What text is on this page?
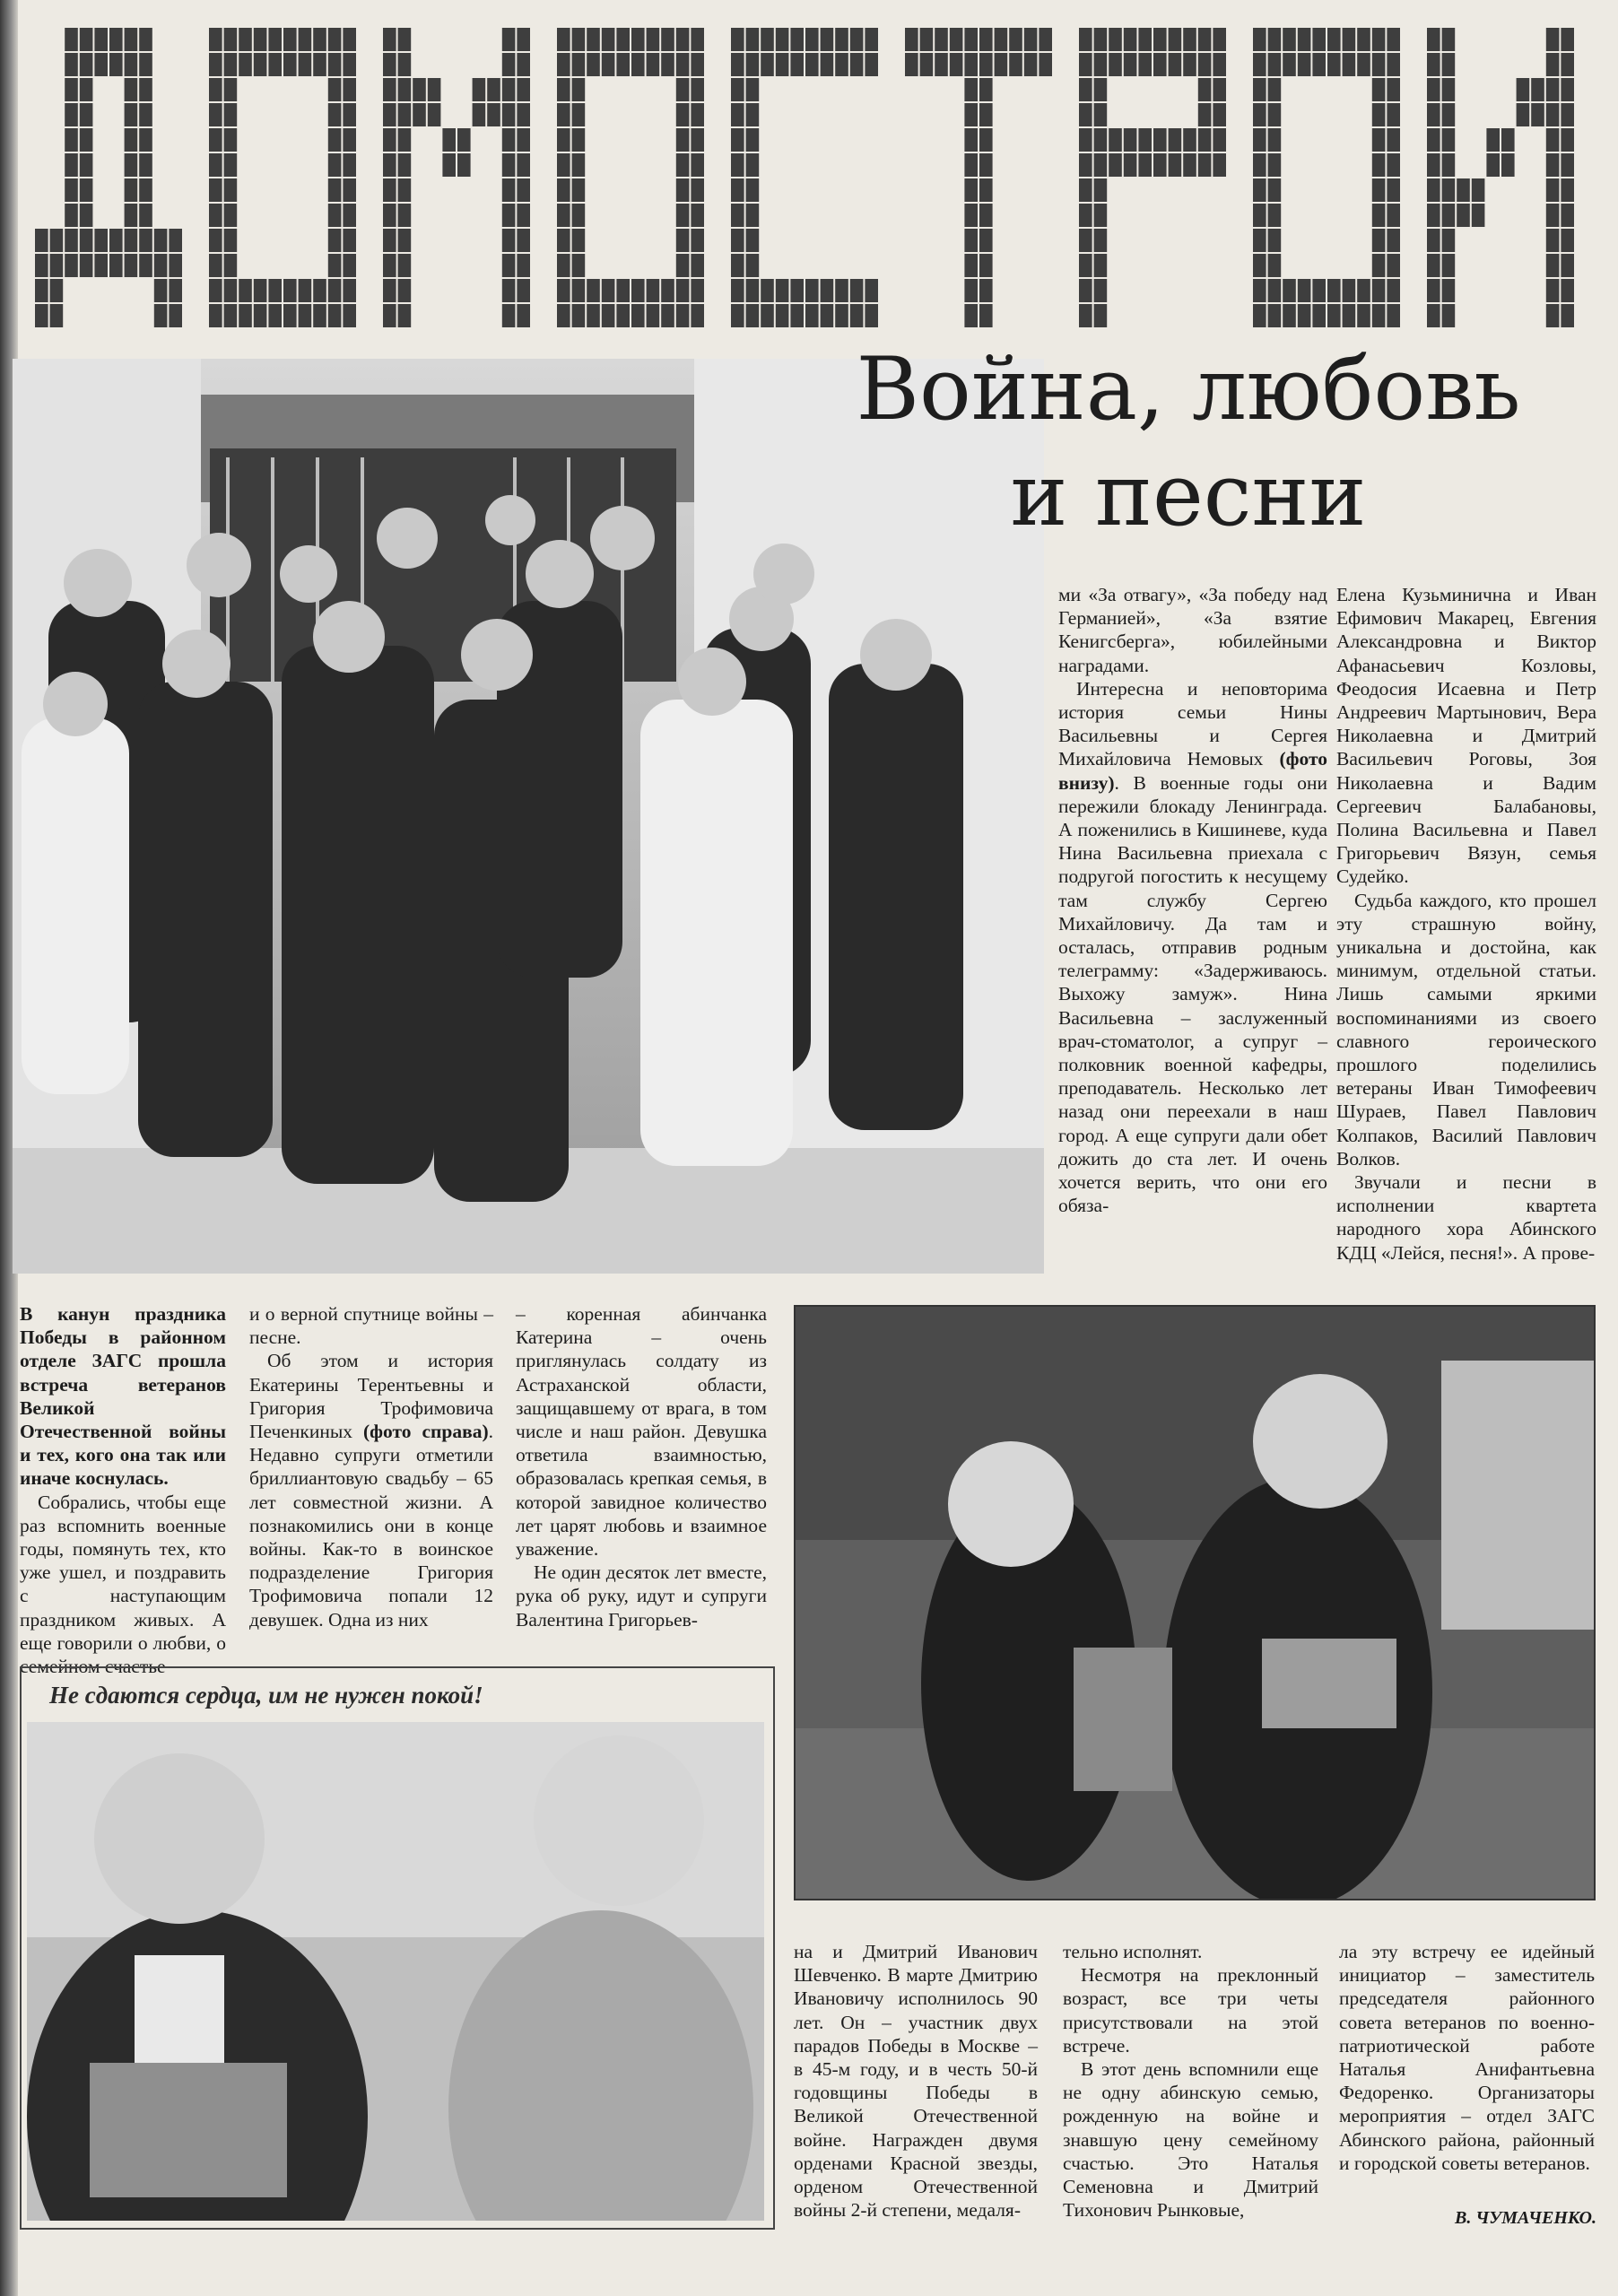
Война, любовь
и песни

ми «За отвагу», «За победу над Германией», «За взятие Кенигсберга», юбилейными наградами.

Интересна и неповторима история семьи Нины Васильевны и Сергея Михайловича Немовых (фото внизу). В военные годы они пережили блокаду Ленинграда. А поженились в Кишиневе, куда Нина Васильевна приехала с подругой погостить к несущему там службу Сергею Михайловичу. Да там и осталась, отправив родным телеграмму: «Задерживаюсь. Выхожу замуж». Нина Васильевна – заслуженный врач-стоматолог, а супруг – полковник военной кафедры, преподаватель. Несколько лет назад они переехали в наш город. А еще супруги дали обет дожить до ста лет. И очень хочется верить, что они его обяза-

Елена Кузьминична и Иван Ефимович Макарец, Евгения Александровна и Виктор Афанасьевич Козловы, Феодосия Исаевна и Петр Андреевич Мартынович, Вера Николаевна и Дмитрий Васильевич Роговы, Зоя Николаевна и Вадим Сергеевич Балабановы, Полина Васильевна и Павел Григорьевич Вязун, семья Судейко.

Судьба каждого, кто прошел эту страшную войну, уникальна и достойна, как минимум, отдельной статьи. Лишь самыми яркими воспоминаниями из своего славного героического прошлого поделились ветераны Иван Тимофеевич Шураев, Павел Павлович Колпаков, Василий Павлович Волков.

Звучали и песни в исполнении квартета народного хора Абинского КДЦ «Лейся, песня!». А прове-

В канун праздника Победы в районном отделе ЗАГС прошла встреча ветеранов Великой Отечественной войны и тех, кого она так или иначе коснулась.

Собрались, чтобы еще раз вспомнить военные годы, помянуть тех, кто уже ушел, и поздравить с наступающим праздником живых. А еще говорили о любви, о семейном счастье

и о верной спутнице войны – песне.

Об этом и история Екатерины Терентьевны и Григория Трофимовича Печенкиных (фото справа). Недавно супруги отметили бриллиантовую свадьбу – 65 лет совместной жизни. А познакомились они в конце войны. Как-то в воинское подразделение Григория Трофимовича попали 12 девушек. Одна из них

– коренная абинчанка Катерина – очень приглянулась солдату из Астраханской области, защищавшему от врага, в том числе и наш район. Девушка ответила взаимностью, образовалась крепкая семья, в которой завидное количество лет царят любовь и взаимное уважение.

Не один десяток лет вместе, рука об руку, идут и супруги Валентина Григорьев-

Не сдаются сердца, им не нужен покой!

на и Дмитрий Иванович Шевченко. В марте Дмитрию Ивановичу исполнилось 90 лет. Он – участник двух парадов Победы в Москве – в 45-м году, и в честь 50-й годовщины Победы в Великой Отечественной войне. Награжден двумя орденами Красной звезды, орденом Отечественной войны 2-й степени, медаля-

тельно исполнят.

Несмотря на преклонный возраст, все три четы присутствовали на этой встрече.

В этот день вспомнили еще не одну абинскую семью, рожденную на войне и знавшую цену семейному счастью. Это Наталья Семеновна и Дмитрий Тихонович Рынковые,

ла эту встречу ее идейный инициатор – заместитель председателя районного совета ветеранов по военно-патриотической работе Наталья Анифантьевна Федоренко. Организаторы мероприятия – отдел ЗАГС Абинского района, районный и городской советы ветеранов.

В. ЧУМАЧЕНКО.
